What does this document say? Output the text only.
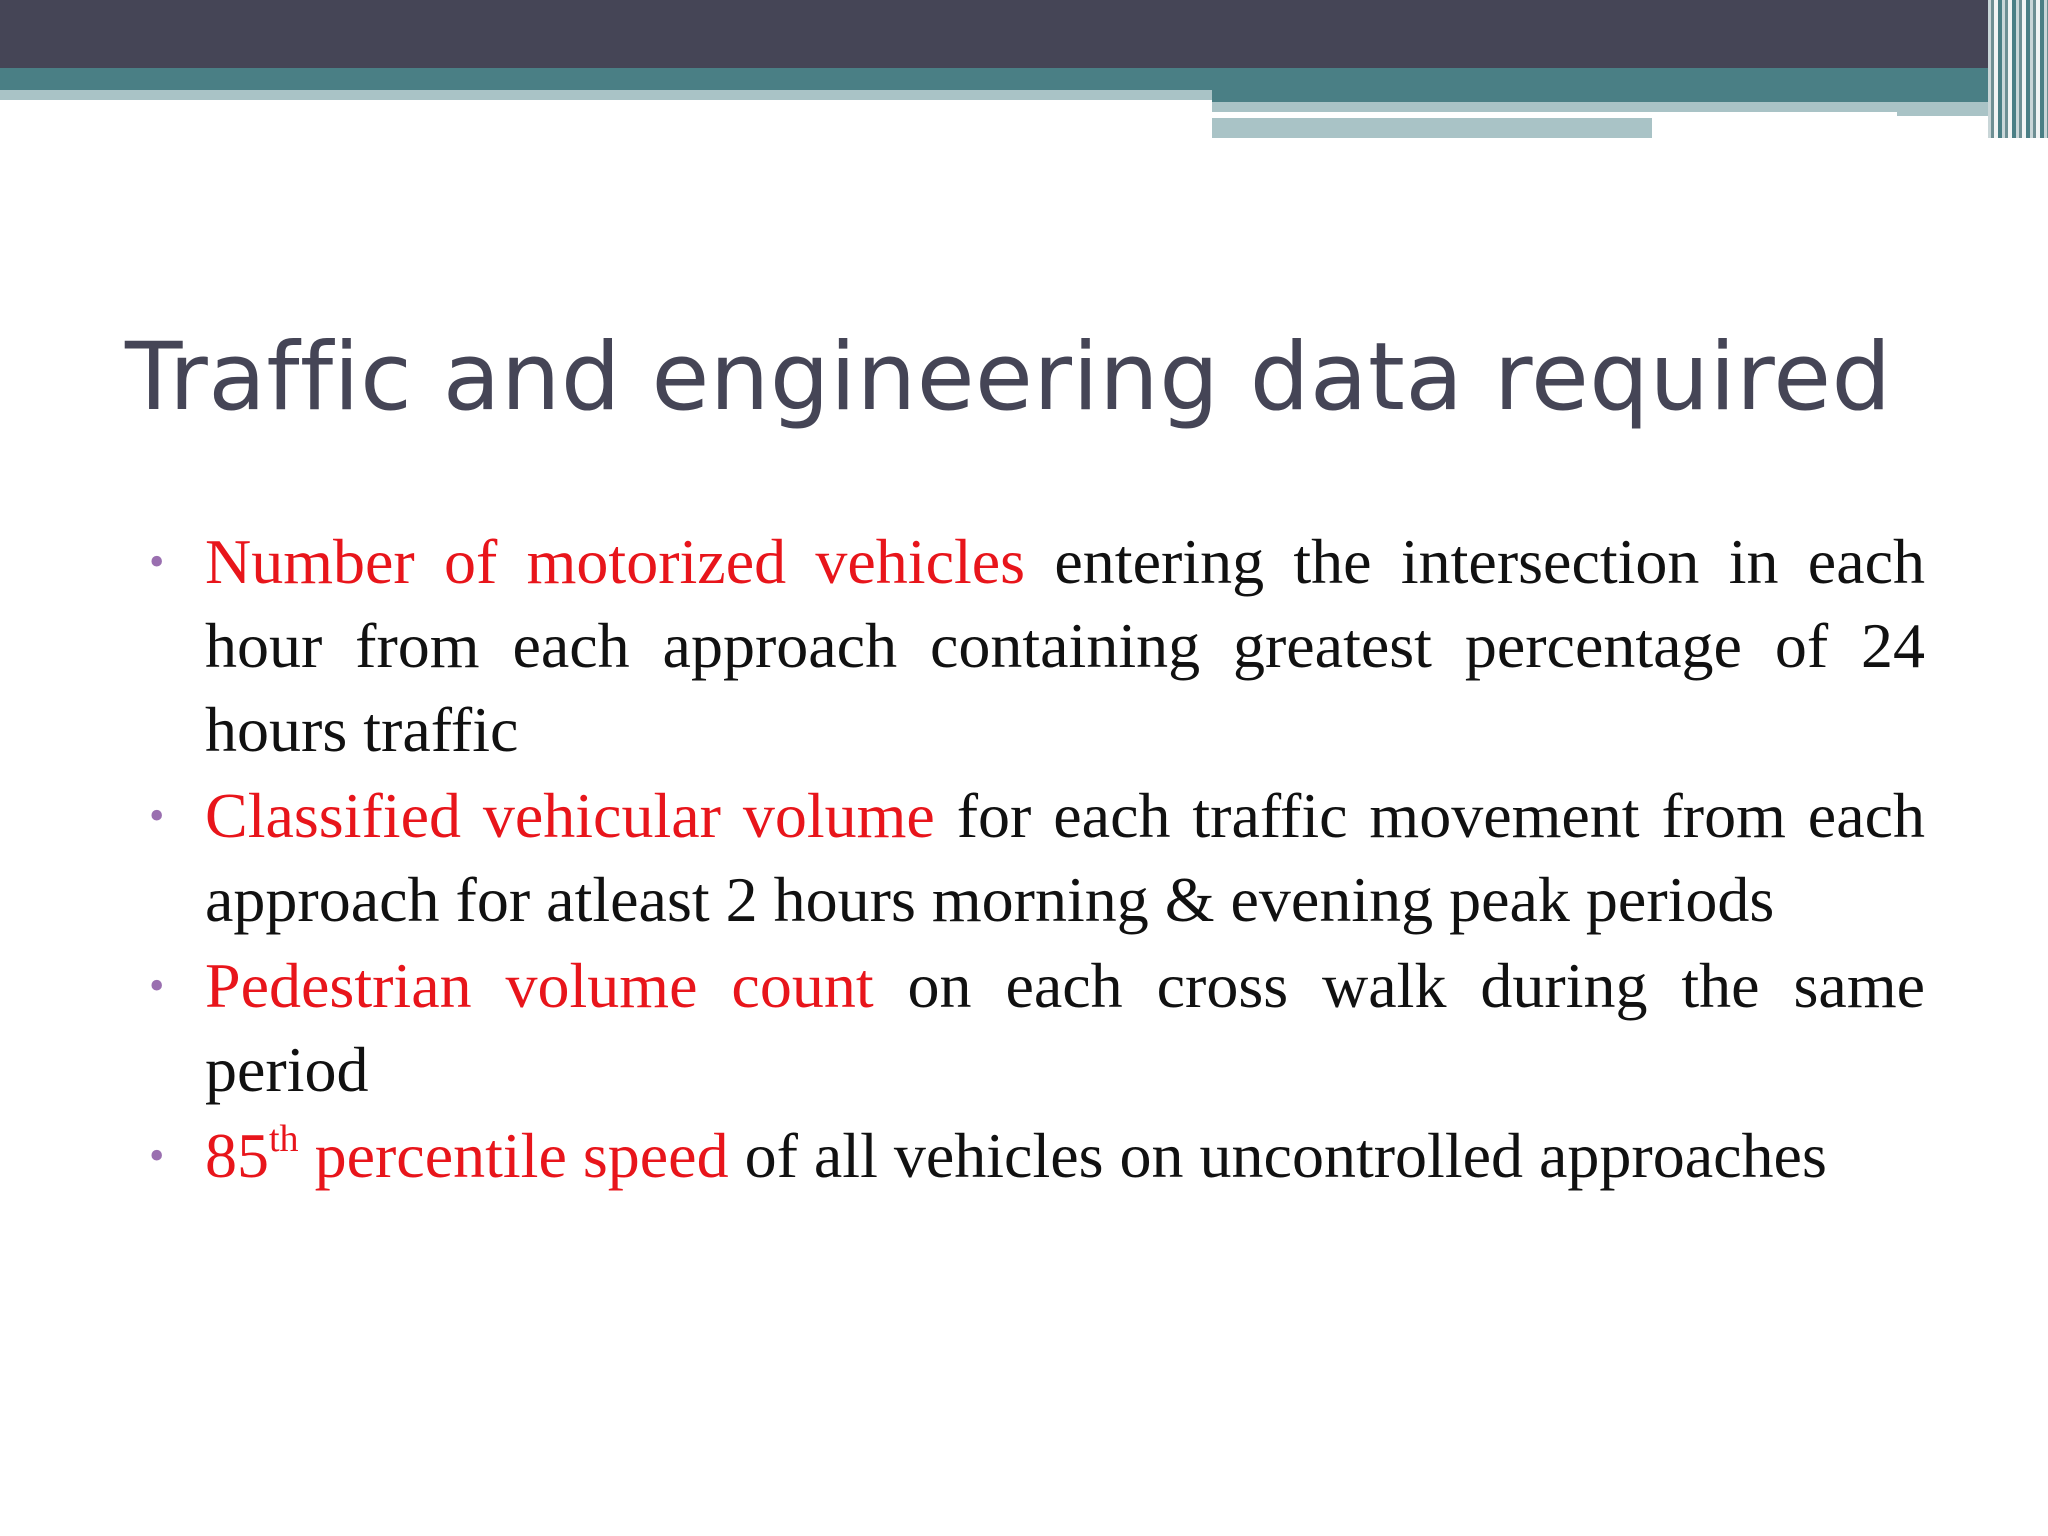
Traffic and engineering data required
• Number of motorized vehicles entering the intersection in each hour from each approach containing greatest percentage of 24 hours traffic
• Classified vehicular volume for each traffic movement from each approach for atleast 2 hours morning & evening peak periods
• Pedestrian volume count on each cross walk during the same period
• 85th percentile speed of all vehicles on uncontrolled approaches
